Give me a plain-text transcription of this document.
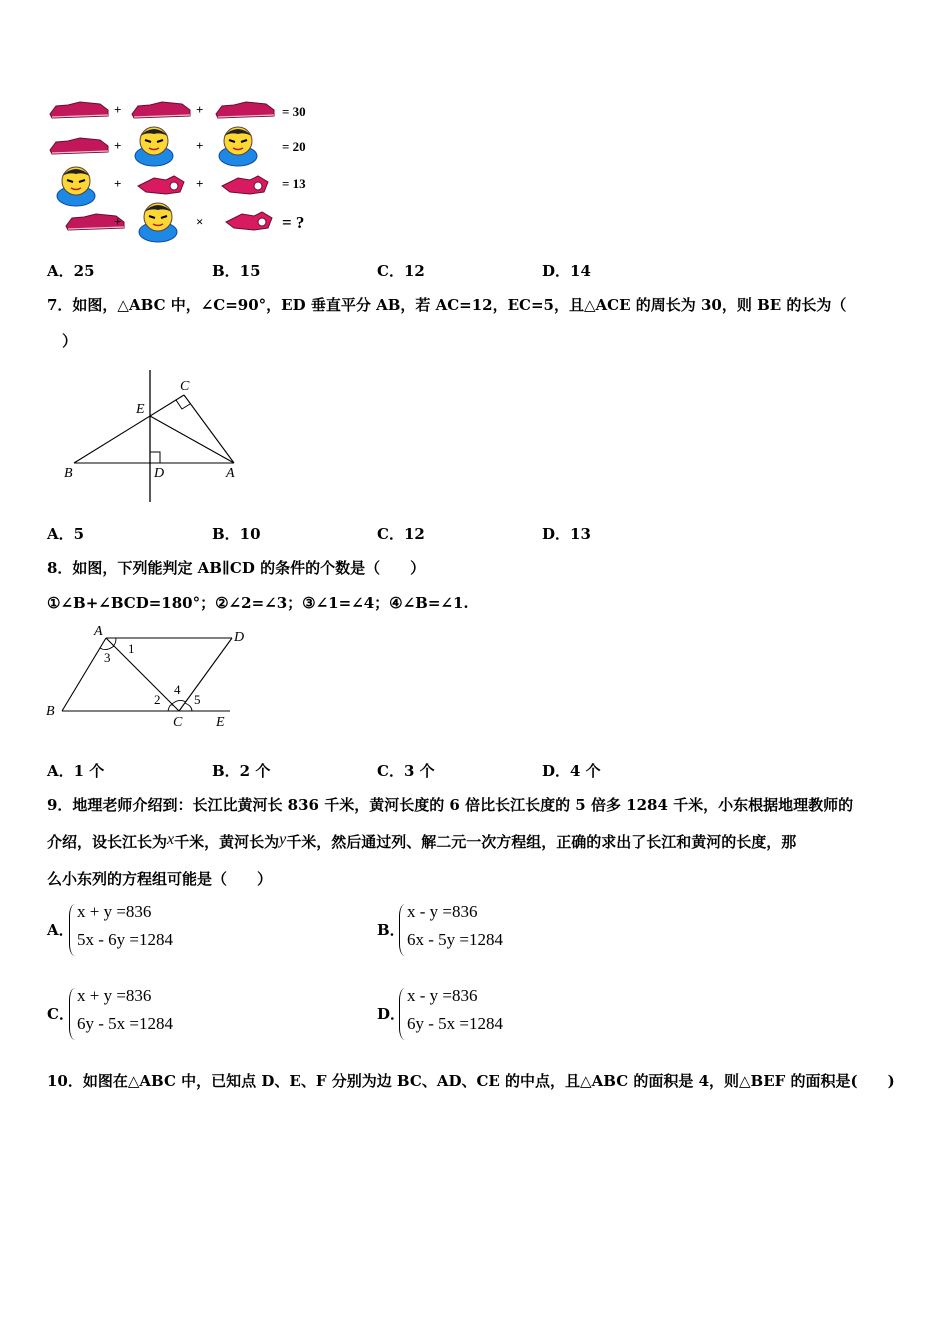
+	+	= 30
+	+	= 20
+	+	= 13
+	×	= ?
A．25	B．15	C．12	D．14
7．如图，△ABC 中，∠C=90°，ED 垂直平分 AB，若 AC=12，EC=5，且△ACE 的周长为 30，则 BE 的长为（
）
B	D	A
E
C
A．5	B．10	C．12	D．13
8．如图，下列能判定 AB∥CD 的条件的个数是（　　）
①∠B+∠BCD=180°；②∠2=∠3；③∠1=∠4；④∠B=∠1.
A	D
B
C E
1
3
2
4
5
A．1 个	B．2 个	C．3 个	D．4 个
9．地理老师介绍到：长江比黄河长 836 千米，黄河长度的 6 倍比长江长度的 5 倍多 1284 千米，小东根据地理教师的
介绍，设长江长为x千米，黄河长为y千米，然后通过列、解二元一次方程组，正确的求出了长江和黄河的长度，那
么小东列的方程组可能是（　　）
A．
x + y =836
5x - 6y =1284	B．
x - y =836
6x - 5y =1284
C．
x + y =836
6y - 5x =1284	D．
x - y =836
6y - 5x =1284
10．如图在△ABC 中，已知点 D、E、F 分别为边 BC、AD、CE 的中点，且△ABC 的面积是 4，则△BEF 的面积是(　　)
